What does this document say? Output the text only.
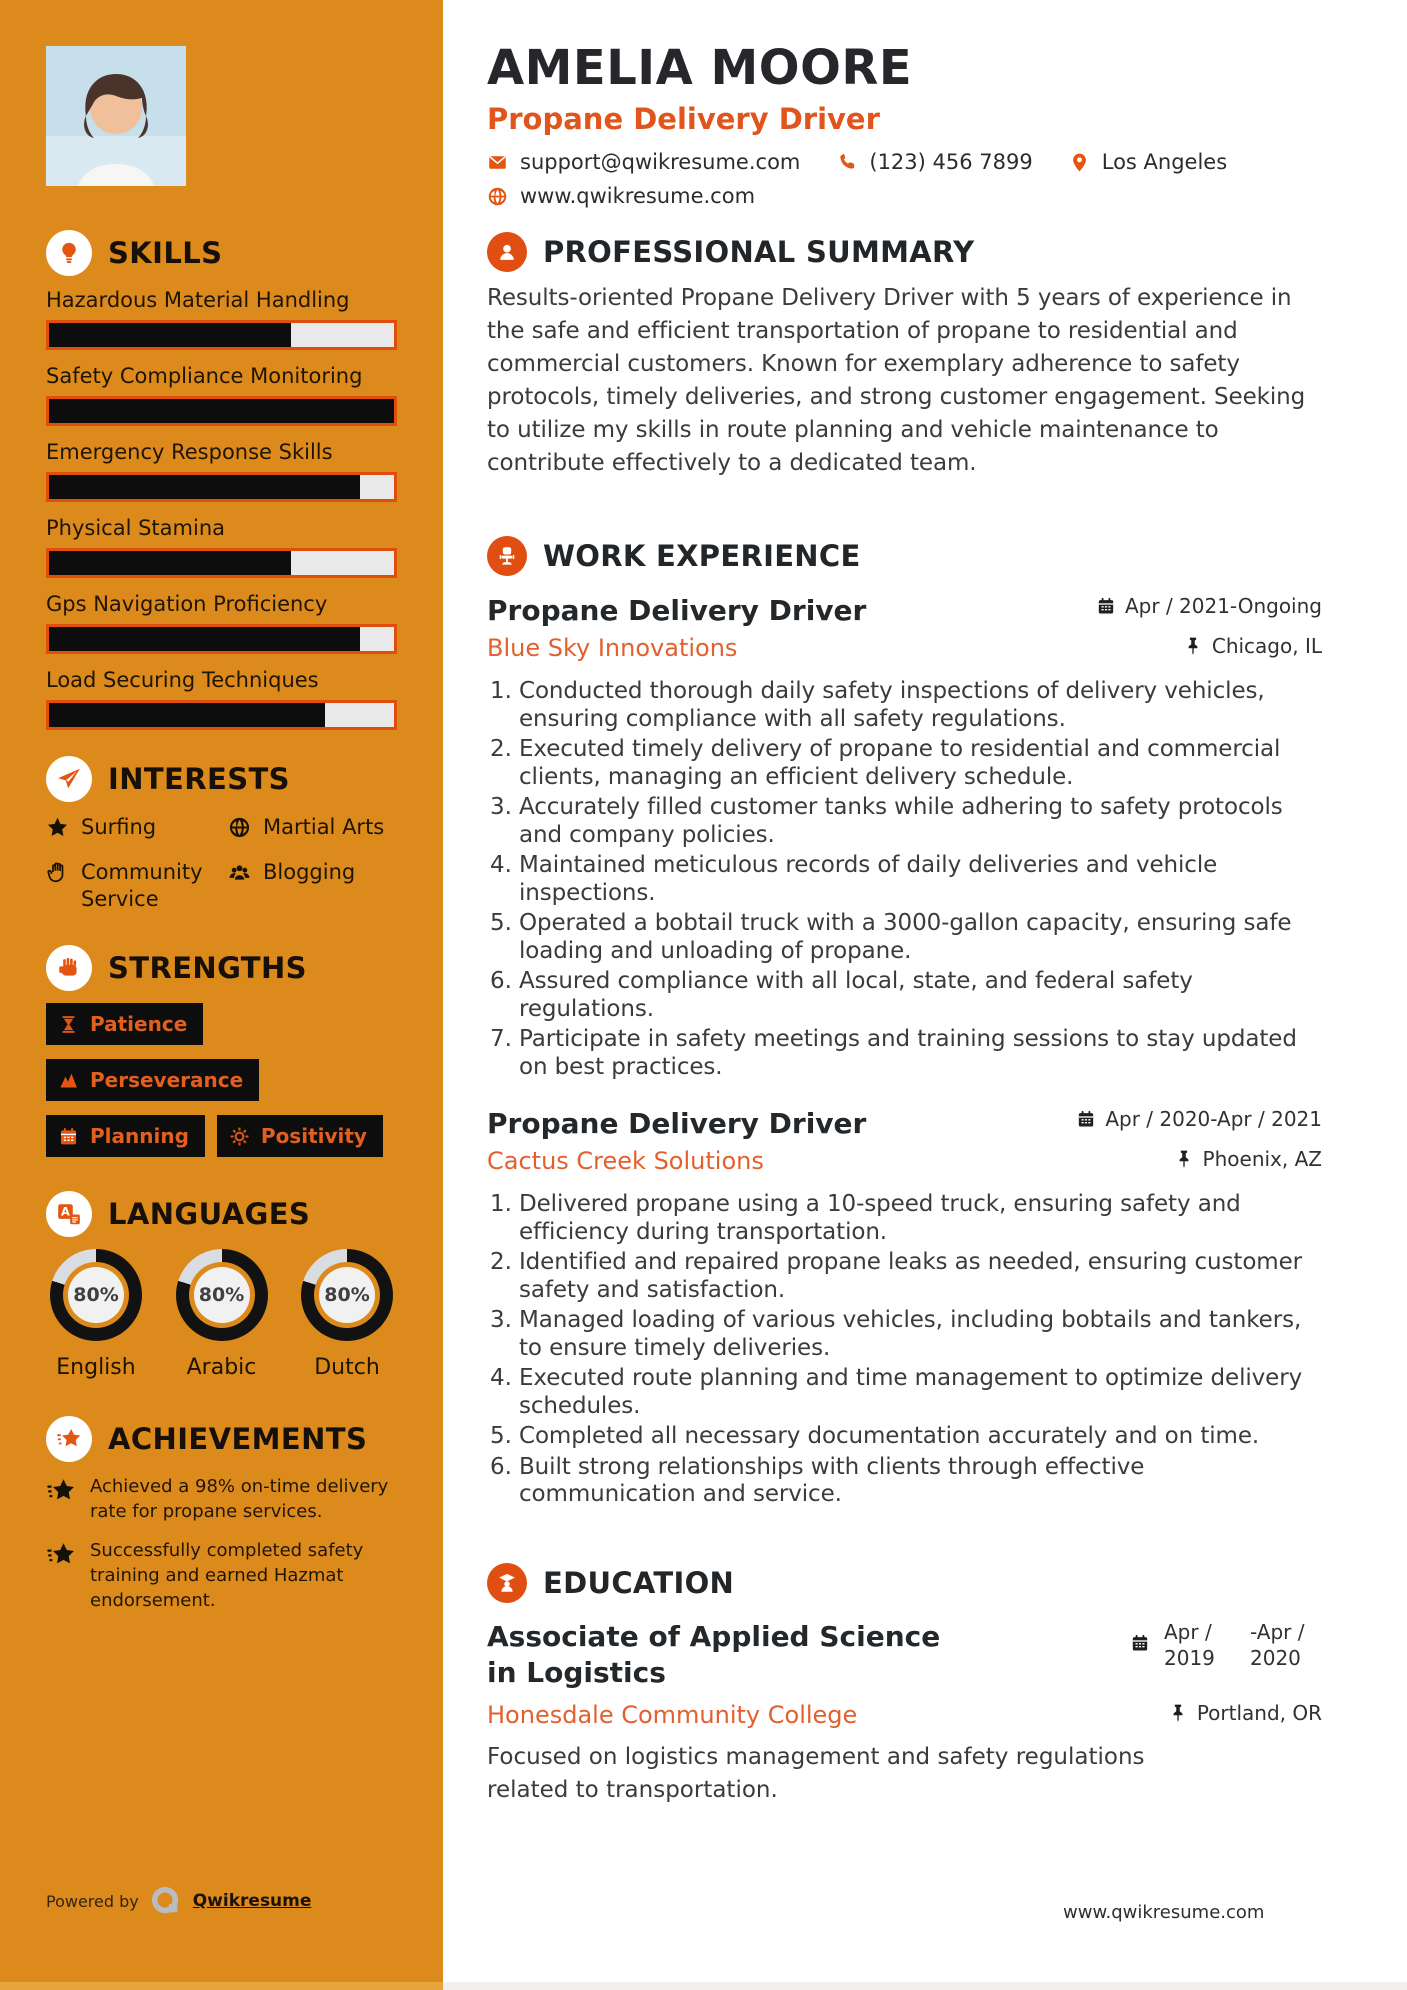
SKILLS
Hazardous Material Handling
Safety Compliance Monitoring
Emergency Response Skills
Physical Stamina
Gps Navigation Proficiency
Load Securing Techniques
INTERESTS
Surfing	Martial Arts
Community Service
Blogging
STRENGTHS
Patience
Perseverance
Planning	Positivity
LANGUAGES
80%
English
80%
Arabic
80%
Dutch
ACHIEVEMENTS
Achieved a 98% on-time delivery rate for propane services.
Successfully completed safety training and earned Hazmat endorsement.
Powered by	Qwikresume
AMELIA MOORE
Propane Delivery Driver
support@qwikresume.com	(123) 456 7899	Los Angeles
www.qwikresume.com
PROFESSIONAL SUMMARY

Results-oriented Propane Delivery Driver with 5 years of experience in the safe and efficient transportation of propane to residential and commercial customers. Known for exemplary adherence to safety protocols, timely deliveries, and strong customer engagement. Seeking to utilize my skills in route planning and vehicle maintenance to contribute effectively to a dedicated team.

WORK EXPERIENCE
Propane Delivery Driver	Apr / 2021-Ongoing
Blue Sky Innovations	Chicago, IL
1. Conducted thorough daily safety inspections of delivery vehicles, ensuring compliance with all safety regulations.
2. Executed timely delivery of propane to residential and commercial clients, managing an efficient delivery schedule.
3. Accurately filled customer tanks while adhering to safety protocols and company policies.
4. Maintained meticulous records of daily deliveries and vehicle inspections.
5. Operated a bobtail truck with a 3000-gallon capacity, ensuring safe loading and unloading of propane.
6. Assured compliance with all local, state, and federal safety regulations.
7. Participate in safety meetings and training sessions to stay updated on best practices.
Propane Delivery Driver	Apr / 2020-Apr / 2021
Cactus Creek Solutions	Phoenix, AZ
1. Delivered propane using a 10-speed truck, ensuring safety and efficiency during transportation.
2. Identified and repaired propane leaks as needed, ensuring customer safety and satisfaction.
3. Managed loading of various vehicles, including bobtails and tankers, to ensure timely deliveries.
4. Executed route planning and time management to optimize delivery schedules.
5. Completed all necessary documentation accurately and on time.
6. Built strong relationships with clients through effective communication and service.
EDUCATION
Associate of Applied Science in Logistics
Apr / 2019
-Apr / 2020
Honesdale Community College	Portland, OR

Focused on logistics management and safety regulations related to transportation.

www.qwikresume.com
